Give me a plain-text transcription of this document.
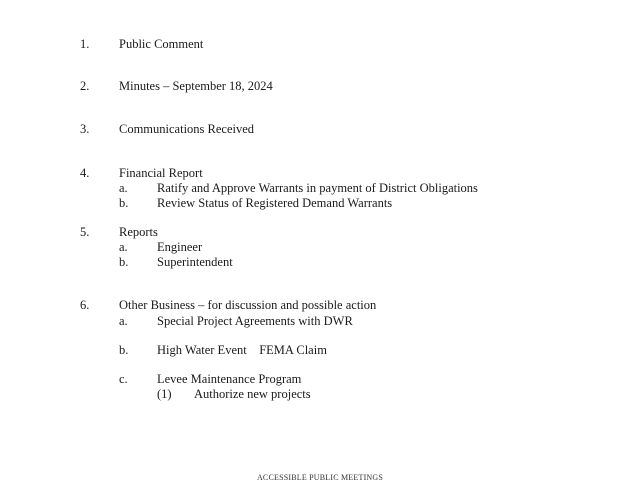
1. Public Comment
2. Minutes – September 18, 2024
3. Communications Received
4. Financial Report
a. Ratify and Approve Warrants in payment of District Obligations
b. Review Status of Registered Demand Warrants
5. Reports
a. Engineer
b. Superintendent
6. Other Business – for discussion and possible action
a. Special Project Agreements with DWR
b. High Water Event    FEMA Claim
c. Levee Maintenance Program
(1) Authorize new projects
ACCESSIBLE PUBLIC MEETINGS
